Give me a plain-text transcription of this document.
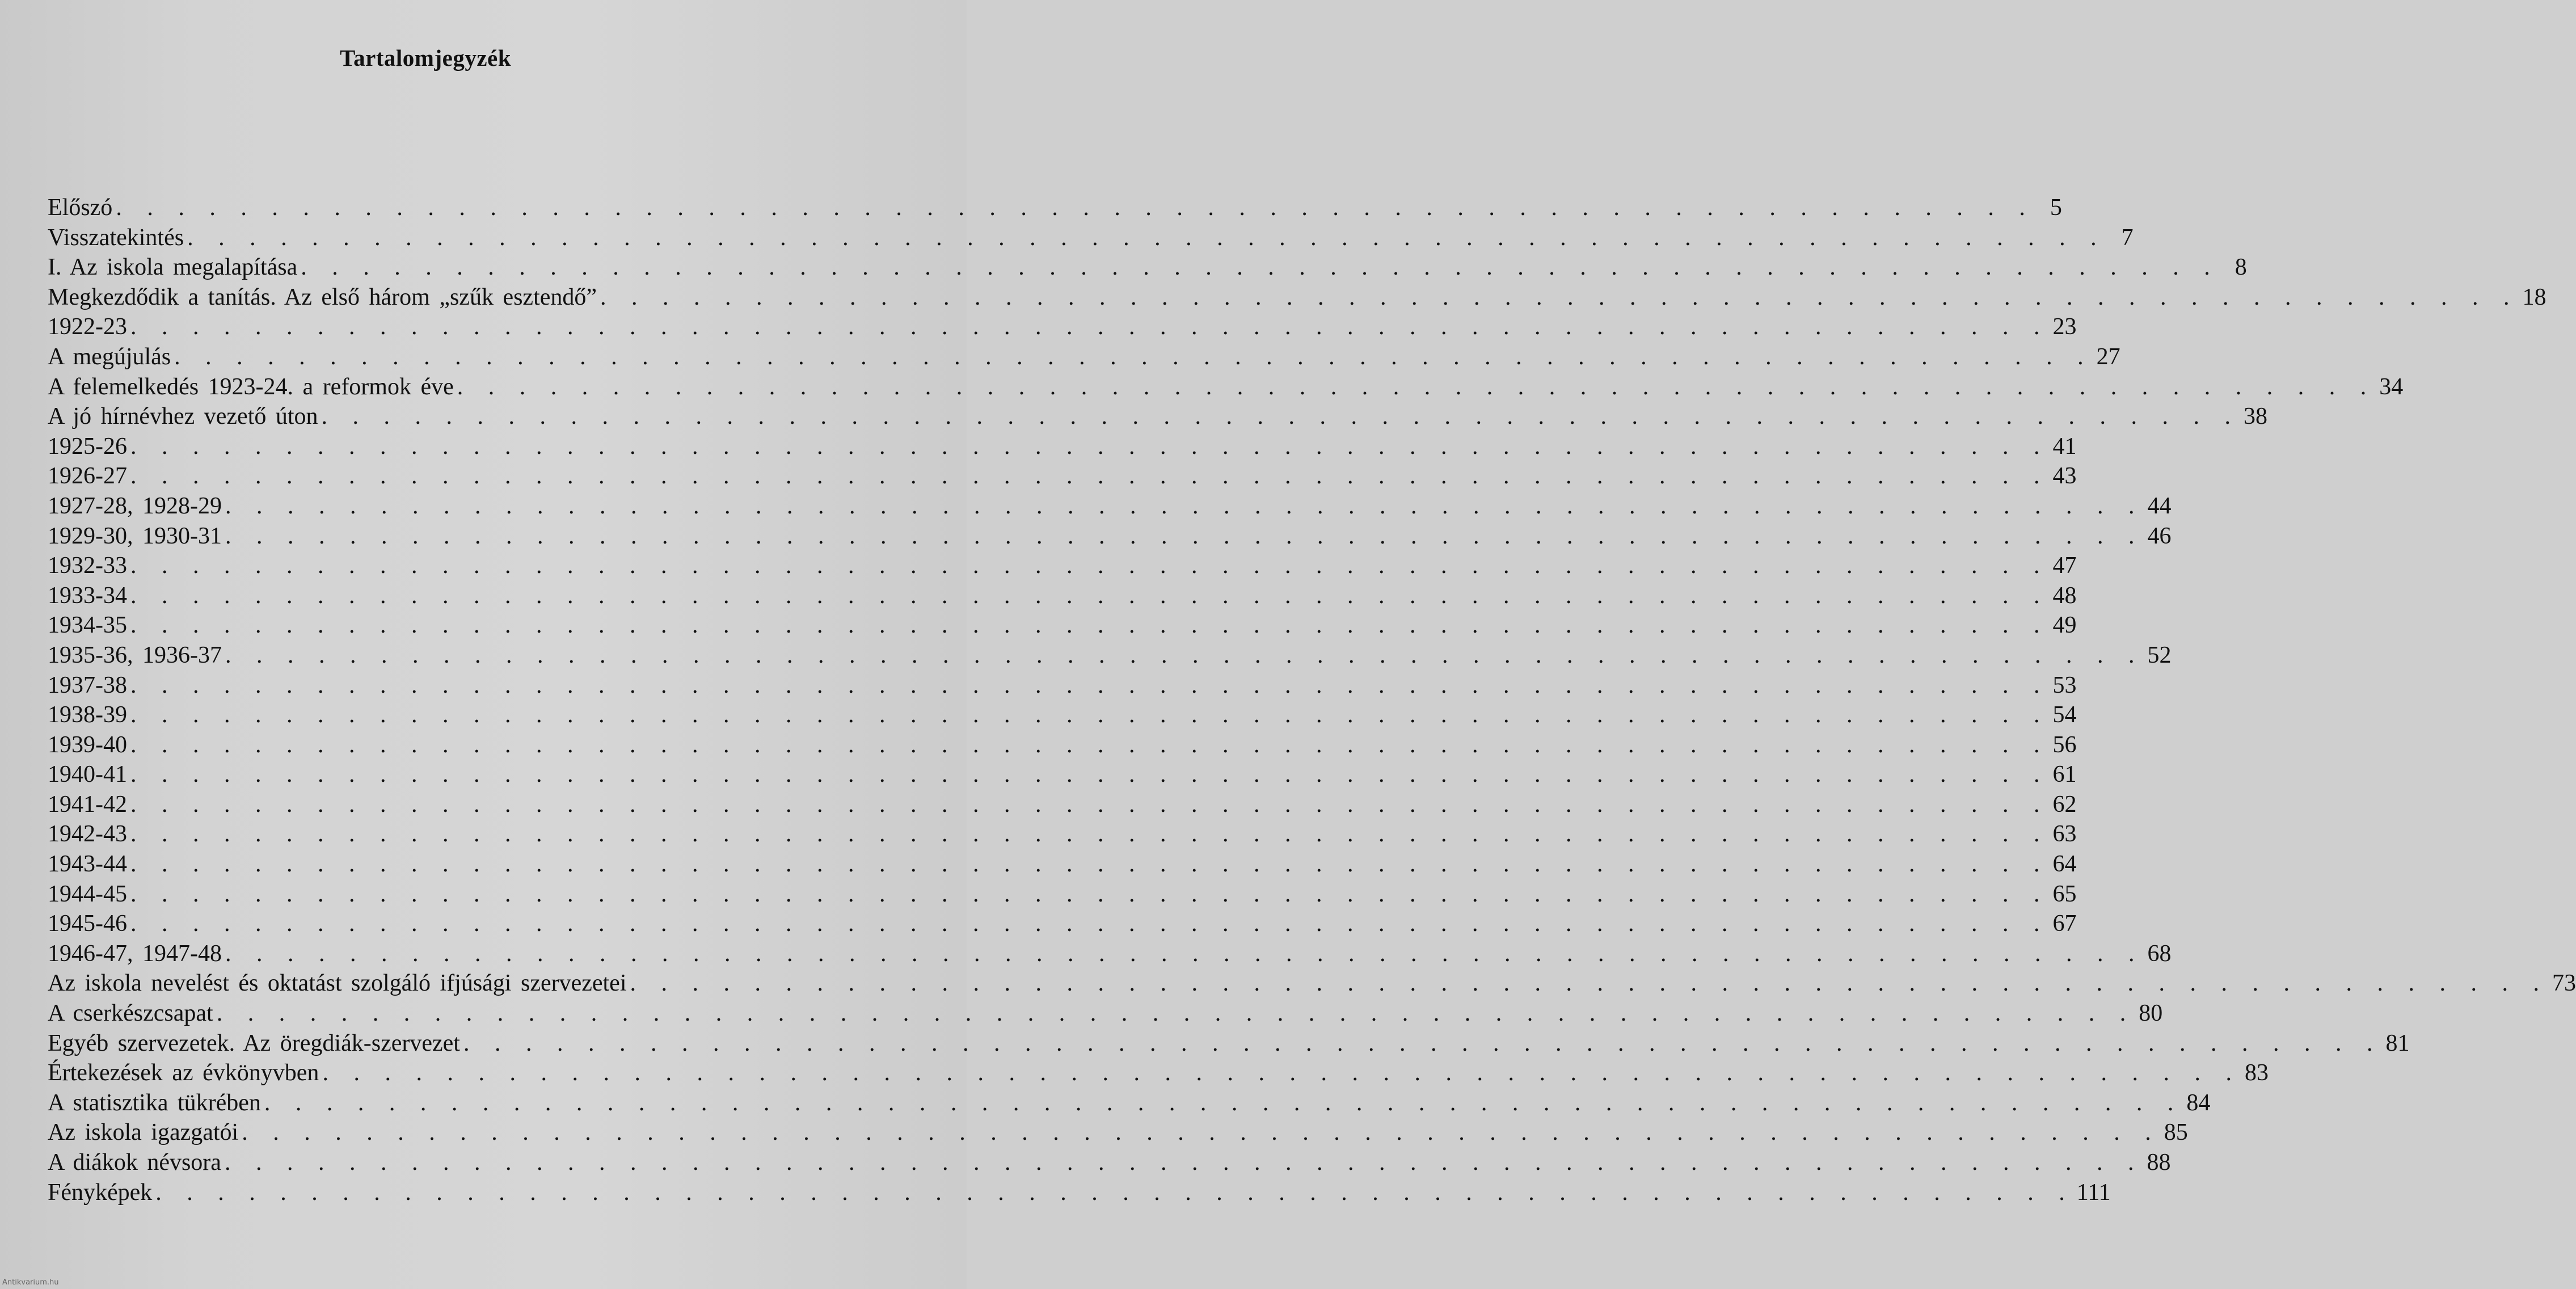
Tartalomjegyzék
Előszó . . . . . . . . . . . . . . . . . . . . . . . . . . . . . . . . . . . . . . . . . . . . . . . . . . . . . . . . . . . . . . 5
Visszatekintés . . . . . . . . . . . . . . . . . . . . . . . . . . . . . . . . . . . . . . . . . . . . . . . . . . . . . . . . . . . . . . 7
I. Az iskola megalapítása . . . . . . . . . . . . . . . . . . . . . . . . . . . . . . . . . . . . . . . . . . . . . . . . . . . . . . . . . . . . . . 8
Megkezdődik a tanítás. Az első három „szűk esztendő” . . . . . . . . . . . . . . . . . . . . . . . . . . . . . . . . . . . . . . . . . . . . . . . . . . . . . . . . . . . . . . 18
1922-23 . . . . . . . . . . . . . . . . . . . . . . . . . . . . . . . . . . . . . . . . . . . . . . . . . . . . . . . . . . . . . . 23
A megújulás . . . . . . . . . . . . . . . . . . . . . . . . . . . . . . . . . . . . . . . . . . . . . . . . . . . . . . . . . . . . . . 27
A felemelkedés 1923-24. a reformok éve . . . . . . . . . . . . . . . . . . . . . . . . . . . . . . . . . . . . . . . . . . . . . . . . . . . . . . . . . . . . . . 34
A jó hírnévhez vezető úton . . . . . . . . . . . . . . . . . . . . . . . . . . . . . . . . . . . . . . . . . . . . . . . . . . . . . . . . . . . . . . 38
1925-26 . . . . . . . . . . . . . . . . . . . . . . . . . . . . . . . . . . . . . . . . . . . . . . . . . . . . . . . . . . . . . . 41
1926-27 . . . . . . . . . . . . . . . . . . . . . . . . . . . . . . . . . . . . . . . . . . . . . . . . . . . . . . . . . . . . . . 43
1927-28, 1928-29 . . . . . . . . . . . . . . . . . . . . . . . . . . . . . . . . . . . . . . . . . . . . . . . . . . . . . . . . . . . . . . 44
1929-30, 1930-31 . . . . . . . . . . . . . . . . . . . . . . . . . . . . . . . . . . . . . . . . . . . . . . . . . . . . . . . . . . . . . . 46
1932-33 . . . . . . . . . . . . . . . . . . . . . . . . . . . . . . . . . . . . . . . . . . . . . . . . . . . . . . . . . . . . . . 47
1933-34 . . . . . . . . . . . . . . . . . . . . . . . . . . . . . . . . . . . . . . . . . . . . . . . . . . . . . . . . . . . . . . 48
1934-35 . . . . . . . . . . . . . . . . . . . . . . . . . . . . . . . . . . . . . . . . . . . . . . . . . . . . . . . . . . . . . . 49
1935-36, 1936-37 . . . . . . . . . . . . . . . . . . . . . . . . . . . . . . . . . . . . . . . . . . . . . . . . . . . . . . . . . . . . . . 52
1937-38 . . . . . . . . . . . . . . . . . . . . . . . . . . . . . . . . . . . . . . . . . . . . . . . . . . . . . . . . . . . . . . 53
1938-39 . . . . . . . . . . . . . . . . . . . . . . . . . . . . . . . . . . . . . . . . . . . . . . . . . . . . . . . . . . . . . . 54
1939-40 . . . . . . . . . . . . . . . . . . . . . . . . . . . . . . . . . . . . . . . . . . . . . . . . . . . . . . . . . . . . . . 56
1940-41 . . . . . . . . . . . . . . . . . . . . . . . . . . . . . . . . . . . . . . . . . . . . . . . . . . . . . . . . . . . . . . 61
1941-42 . . . . . . . . . . . . . . . . . . . . . . . . . . . . . . . . . . . . . . . . . . . . . . . . . . . . . . . . . . . . . . 62
1942-43 . . . . . . . . . . . . . . . . . . . . . . . . . . . . . . . . . . . . . . . . . . . . . . . . . . . . . . . . . . . . . . 63
1943-44 . . . . . . . . . . . . . . . . . . . . . . . . . . . . . . . . . . . . . . . . . . . . . . . . . . . . . . . . . . . . . . 64
1944-45 . . . . . . . . . . . . . . . . . . . . . . . . . . . . . . . . . . . . . . . . . . . . . . . . . . . . . . . . . . . . . . 65
1945-46 . . . . . . . . . . . . . . . . . . . . . . . . . . . . . . . . . . . . . . . . . . . . . . . . . . . . . . . . . . . . . . 67
1946-47, 1947-48 . . . . . . . . . . . . . . . . . . . . . . . . . . . . . . . . . . . . . . . . . . . . . . . . . . . . . . . . . . . . . . 68
Az iskola nevelést és oktatást szolgáló ifjúsági szervezetei . . . . . . . . . . . . . . . . . . . . . . . . . . . . . . . . . . . . . . . . . . . . . . . . . . . . . . . . . . . . . . 73
A cserkészcsapat . . . . . . . . . . . . . . . . . . . . . . . . . . . . . . . . . . . . . . . . . . . . . . . . . . . . . . . . . . . . . . 80
Egyéb szervezetek. Az öregdiák-szervezet . . . . . . . . . . . . . . . . . . . . . . . . . . . . . . . . . . . . . . . . . . . . . . . . . . . . . . . . . . . . . . 81
Értekezések az évkönyvben . . . . . . . . . . . . . . . . . . . . . . . . . . . . . . . . . . . . . . . . . . . . . . . . . . . . . . . . . . . . . . 83
A statisztika tükrében . . . . . . . . . . . . . . . . . . . . . . . . . . . . . . . . . . . . . . . . . . . . . . . . . . . . . . . . . . . . . . 84
Az iskola igazgatói . . . . . . . . . . . . . . . . . . . . . . . . . . . . . . . . . . . . . . . . . . . . . . . . . . . . . . . . . . . . . . 85
A diákok névsora . . . . . . . . . . . . . . . . . . . . . . . . . . . . . . . . . . . . . . . . . . . . . . . . . . . . . . . . . . . . . . 88
Fényképek . . . . . . . . . . . . . . . . . . . . . . . . . . . . . . . . . . . . . . . . . . . . . . . . . . . . . . . . . . . . . . 111
Antikvarium.hu
